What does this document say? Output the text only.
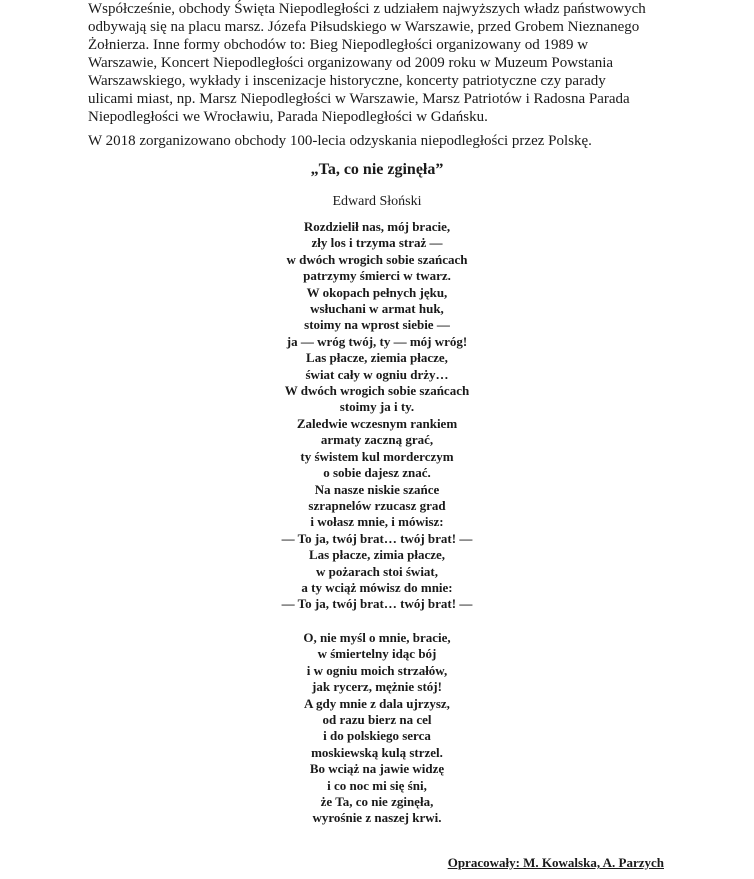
Współcześnie, obchody Święta Niepodległości z udziałem najwyższych władz państwowych
odbywają się na placu marsz. Józefa Piłsudskiego w Warszawie, przed Grobem Nieznanego
Żołnierza. Inne formy obchodów to: Bieg Niepodległości organizowany od 1989 w
Warszawie, Koncert Niepodległości organizowany od 2009 roku w Muzeum Powstania
Warszawskiego, wykłady i inscenizacje historyczne, koncerty patriotyczne czy parady
ulicami miast, np. Marsz Niepodległości w Warszawie, Marsz Patriotów i Radosna Parada
Niepodległości we Wrocławiu, Parada Niepodległości w Gdańsku.

W 2018 zorganizowano obchody 100-lecia odzyskania niepodległości przez Polskę.

„Ta, co nie zginęła”

Edward Słoński

Rozdzielił nas, mój bracie,
zły los i trzyma straż —
w dwóch wrogich sobie szańcach
patrzymy śmierci w twarz.
W okopach pełnych jęku,
wsłuchani w armat huk,
stoimy na wprost siebie —
ja — wróg twój, ty — mój wróg!
Las płacze, ziemia płacze,
świat cały w ogniu drży…
W dwóch wrogich sobie szańcach
stoimy ja i ty.
Zaledwie wczesnym rankiem
armaty zaczną grać,
ty świstem kul morderczym
o sobie dajesz znać.
Na nasze niskie szańce
szrapnelów rzucasz grad
i wołasz mnie, i mówisz:
— To ja, twój brat… twój brat! —
Las płacze, zimia płacze,
w pożarach stoi świat,
a ty wciąż mówisz do mnie:
— To ja, twój brat… twój brat! —
O, nie myśl o mnie, bracie,
w śmiertelny idąc bój
i w ogniu moich strzałów,
jak rycerz, mężnie stój!
A gdy mnie z dala ujrzysz,
od razu bierz na cel
i do polskiego serca
moskiewską kulą strzel.
Bo wciąż na jawie widzę
i co noc mi się śni,
że Ta, co nie zginęła,
wyrośnie z naszej krwi.

Opracowały: M. Kowalska, A. Parzych
